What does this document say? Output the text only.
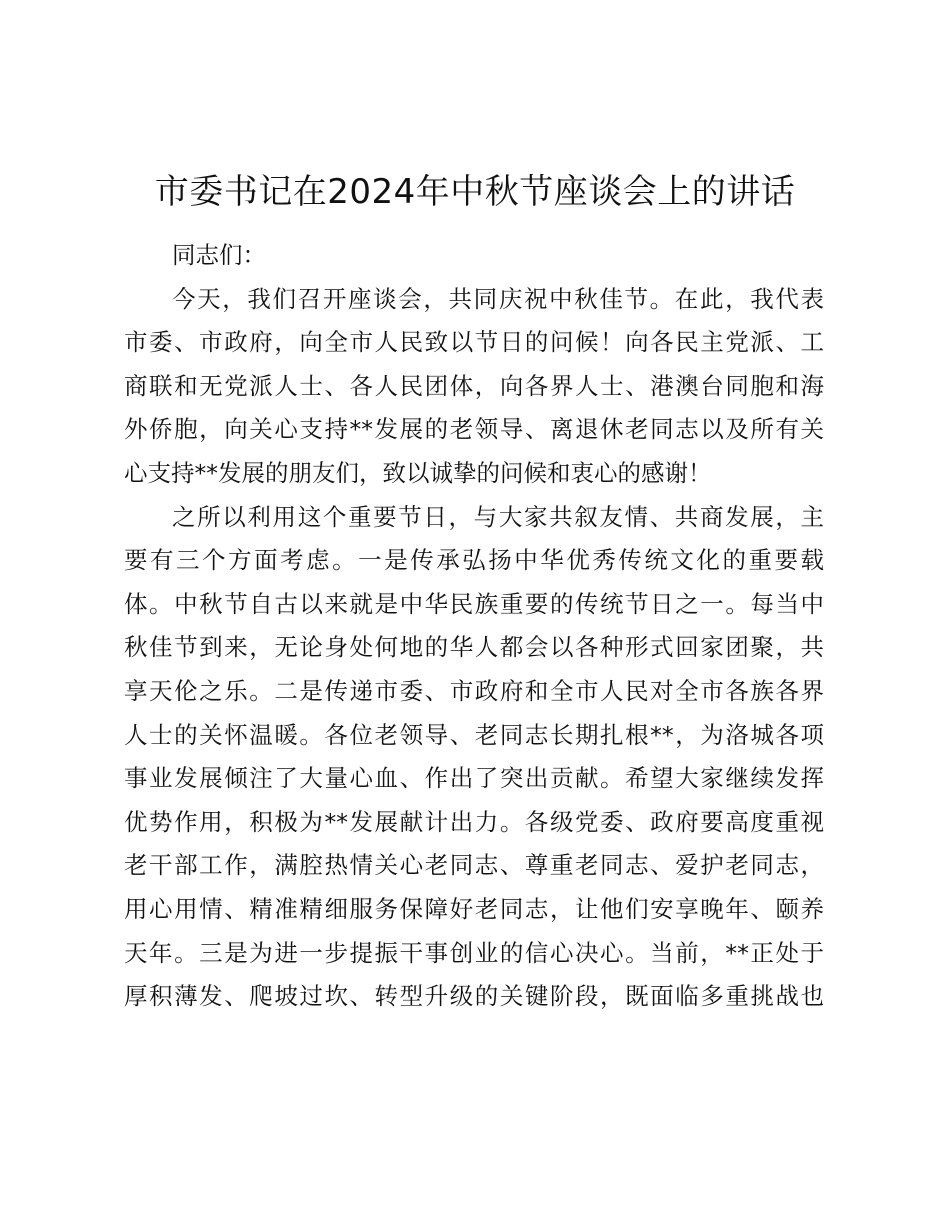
市委书记在2024年中秋节座谈会上的讲话
同志们：
今天，我们召开座谈会，共同庆祝中秋佳节。在此，我代表
市委、市政府，向全市人民致以节日的问候！向各民主党派、工
商联和无党派人士、各人民团体，向各界人士、港澳台同胞和海
外侨胞，向关心支持**发展的老领导、离退休老同志以及所有关
心支持**发展的朋友们，致以诚挚的问候和衷心的感谢！
之所以利用这个重要节日，与大家共叙友情、共商发展，主
要有三个方面考虑。一是传承弘扬中华优秀传统文化的重要载
体。中秋节自古以来就是中华民族重要的传统节日之一。每当中
秋佳节到来，无论身处何地的华人都会以各种形式回家团聚，共
享天伦之乐。二是传递市委、市政府和全市人民对全市各族各界
人士的关怀温暖。各位老领导、老同志长期扎根**，为洛城各项
事业发展倾注了大量心血、作出了突出贡献。希望大家继续发挥
优势作用，积极为**发展献计出力。各级党委、政府要高度重视
老干部工作，满腔热情关心老同志、尊重老同志、爱护老同志，
用心用情、精准精细服务保障好老同志，让他们安享晚年、颐养
天年。三是为进一步提振干事创业的信心决心。当前，**正处于
厚积薄发、爬坡过坎、转型升级的关键阶段，既面临多重挑战也
